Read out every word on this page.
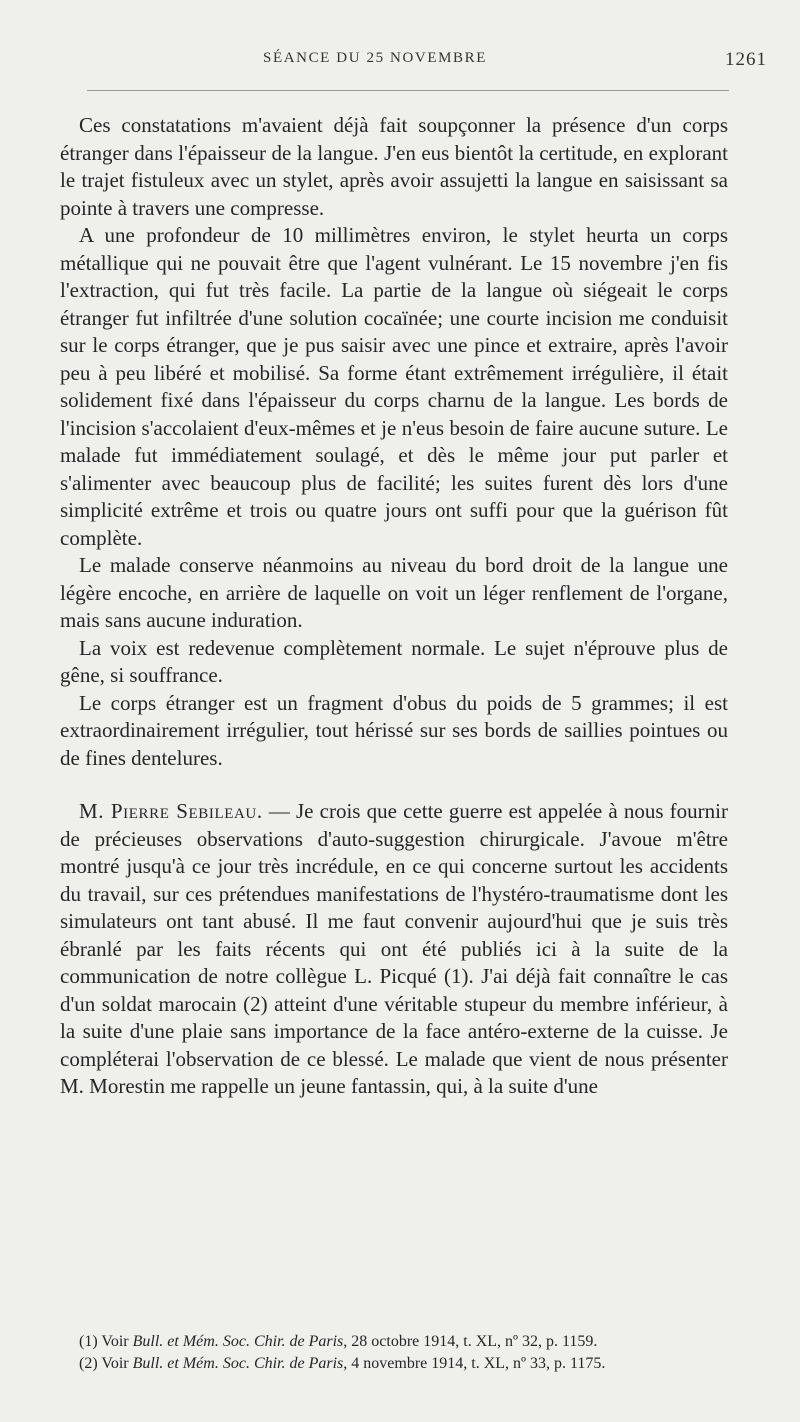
SÉANCE DU 25 NOVEMBRE	1261

Ces constatations m'avaient déjà fait soupçonner la présence d'un corps étranger dans l'épaisseur de la langue. J'en eus bientôt la certitude, en explorant le trajet fistuleux avec un stylet, après avoir assujetti la langue en saisissant sa pointe à travers une compresse.

A une profondeur de 10 millimètres environ, le stylet heurta un corps métallique qui ne pouvait être que l'agent vulnérant. Le 15 novembre j'en fis l'extraction, qui fut très facile. La partie de la langue où siégeait le corps étranger fut infiltrée d'une solution cocaïnée; une courte incision me conduisit sur le corps étranger, que je pus saisir avec une pince et extraire, après l'avoir peu à peu libéré et mobilisé. Sa forme étant extrêmement irrégulière, il était solidement fixé dans l'épaisseur du corps charnu de la langue. Les bords de l'incision s'accolaient d'eux-mêmes et je n'eus besoin de faire aucune suture. Le malade fut immédiatement soulagé, et dès le même jour put parler et s'alimenter avec beaucoup plus de facilité; les suites furent dès lors d'une simplicité extrême et trois ou quatre jours ont suffi pour que la guérison fût complète.

Le malade conserve néanmoins au niveau du bord droit de la langue une légère encoche, en arrière de laquelle on voit un léger renflement de l'organe, mais sans aucune induration.

La voix est redevenue complètement normale. Le sujet n'éprouve plus de gêne, si souffrance.

Le corps étranger est un fragment d'obus du poids de 5 grammes; il est extraordinairement irrégulier, tout hérissé sur ses bords de saillies pointues ou de fines dentelures.

M. Pierre Sebileau. — Je crois que cette guerre est appelée à nous fournir de précieuses observations d'auto-suggestion chirurgicale. J'avoue m'être montré jusqu'à ce jour très incrédule, en ce qui concerne surtout les accidents du travail, sur ces prétendues manifestations de l'hystéro-traumatisme dont les simulateurs ont tant abusé. Il me faut convenir aujourd'hui que je suis très ébranlé par les faits récents qui ont été publiés ici à la suite de la communication de notre collègue L. Picqué (1). J'ai déjà fait connaître le cas d'un soldat marocain (2) atteint d'une véritable stupeur du membre inférieur, à la suite d'une plaie sans importance de la face antéro-externe de la cuisse. Je compléterai l'observation de ce blessé. Le malade que vient de nous présenter M. Morestin me rappelle un jeune fantassin, qui, à la suite d'une

(1) Voir Bull. et Mém. Soc. Chir. de Paris, 28 octobre 1914, t. XL, nº 32, p. 1159.

(2) Voir Bull. et Mém. Soc. Chir. de Paris, 4 novembre 1914, t. XL, nº 33, p. 1175.
